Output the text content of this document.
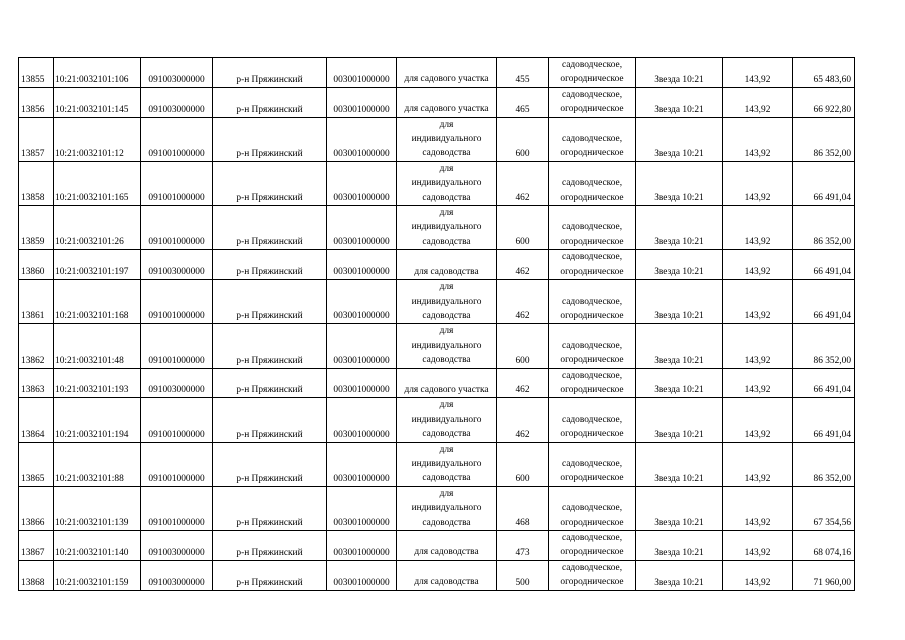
13855	10:21:0032101:106	091003000000	р-н Пряжинский	003001000000	для садового участка	455	садоводческое,
огородническое	Звезда 10:21	143,92	65 483,60
13856	10:21:0032101:145	091003000000	р-н Пряжинский	003001000000	для садового участка	465	садоводческое,
огородническое	Звезда 10:21	143,92	66 922,80
13857	10:21:0032101:12	091001000000	р-н Пряжинский	003001000000	для
индивидуального
садоводства	600	садоводческое,
огородническое	Звезда 10:21	143,92	86 352,00
13858	10:21:0032101:165	091001000000	р-н Пряжинский	003001000000	для
индивидуального
садоводства	462	садоводческое,
огородническое	Звезда 10:21	143,92	66 491,04
13859	10:21:0032101:26	091001000000	р-н Пряжинский	003001000000	для
индивидуального
садоводства	600	садоводческое,
огородническое	Звезда 10:21	143,92	86 352,00
13860	10:21:0032101:197	091003000000	р-н Пряжинский	003001000000	для садоводства	462	садоводческое,
огородническое	Звезда 10:21	143,92	66 491,04
13861	10:21:0032101:168	091001000000	р-н Пряжинский	003001000000	для
индивидуального
садоводства	462	садоводческое,
огородническое	Звезда 10:21	143,92	66 491,04
13862	10:21:0032101:48	091001000000	р-н Пряжинский	003001000000	для
индивидуального
садоводства	600	садоводческое,
огородническое	Звезда 10:21	143,92	86 352,00
13863	10:21:0032101:193	091003000000	р-н Пряжинский	003001000000	для садового участка	462	садоводческое,
огородническое	Звезда 10:21	143,92	66 491,04
13864	10:21:0032101:194	091001000000	р-н Пряжинский	003001000000	для
индивидуального
садоводства	462	садоводческое,
огородническое	Звезда 10:21	143,92	66 491,04
13865	10:21:0032101:88	091001000000	р-н Пряжинский	003001000000	для
индивидуального
садоводства	600	садоводческое,
огородническое	Звезда 10:21	143,92	86 352,00
13866	10:21:0032101:139	091001000000	р-н Пряжинский	003001000000	для
индивидуального
садоводства	468	садоводческое,
огородническое	Звезда 10:21	143,92	67 354,56
13867	10:21:0032101:140	091003000000	р-н Пряжинский	003001000000	для садоводства	473	садоводческое,
огородническое	Звезда 10:21	143,92	68 074,16
13868	10:21:0032101:159	091003000000	р-н Пряжинский	003001000000	для садоводства	500	садоводческое,
огородническое	Звезда 10:21	143,92	71 960,00
